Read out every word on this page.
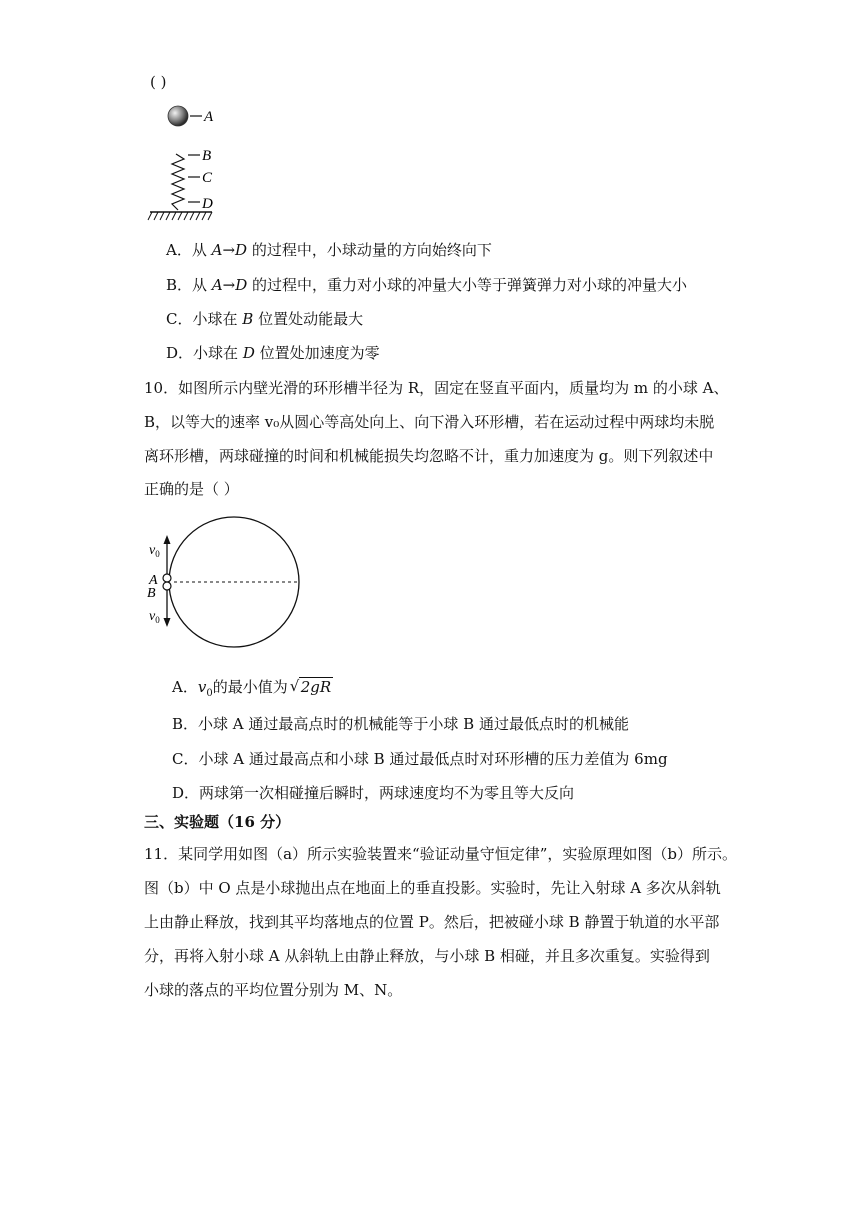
( )
A
B
C
D
A．从 A→D 的过程中，小球动量的方向始终向下
B．从 A→D 的过程中，重力对小球的冲量大小等于弹簧弹力对小球的冲量大小
C．小球在 B 位置处动能最大
D．小球在 D 位置处加速度为零
10．如图所示内壁光滑的环形槽半径为 R，固定在竖直平面内，质量均为 m 的小球 A、
B，以等大的速率 v₀从圆心等高处向上、向下滑入环形槽，若在运动过程中两球均未脱
离环形槽，两球碰撞的时间和机械能损失均忽略不计，重力加速度为 g。则下列叙述中
正确的是（ ）
$v_0$
A
B
$v_0$
A．$v_0$的最小值为 √ 2gR
B．小球 A 通过最高点时的机械能等于小球 B 通过最低点时的机械能
C．小球 A 通过最高点和小球 B 通过最低点时对环形槽的压力差值为 6mg
D．两球第一次相碰撞后瞬时，两球速度均不为零且等大反向
三、实验题（16 分）
11．某同学用如图（a）所示实验装置来“验证动量守恒定律”，实验原理如图（b）所示。
图（b）中 O 点是小球抛出点在地面上的垂直投影。实验时，先让入射球 A 多次从斜轨
上由静止释放，找到其平均落地点的位置 P。然后，把被碰小球 B 静置于轨道的水平部
分，再将入射小球 A 从斜轨上由静止释放，与小球 B 相碰，并且多次重复。实验得到
小球的落点的平均位置分别为 M、N。
